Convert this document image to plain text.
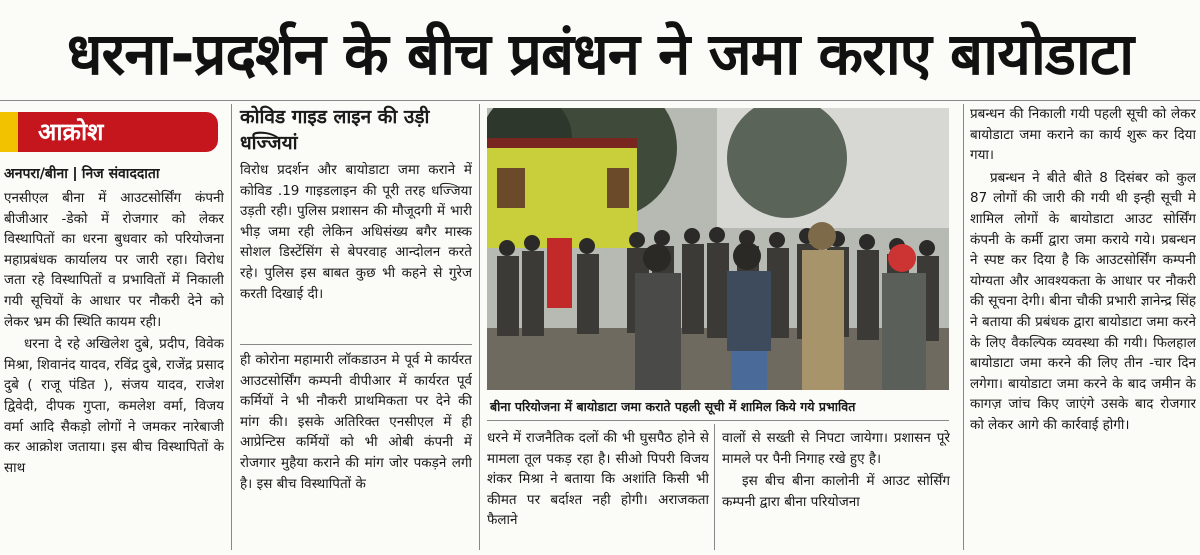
धरना-प्रदर्शन के बीच प्रबंधन ने जमा कराए बायोडाटा
आक्रोश
अनपरा/बीना निज संवाददाता

एनसीएल बीना में आउटसोर्सिंग कंपनी बीजीआर -डेको में रोजगार को लेकर विस्थापितों का धरना बुधवार को परियोजना महाप्रबंधक कार्यालय पर जारी रहा। विरोध जता रहे विस्थापितों व प्रभावितों में निकाली गयी सूचियों के आधार पर नौकरी देने को लेकर भ्रम की स्थिति कायम रही।

धरना दे रहे अखिलेश दुबे, प्रदीप, विवेक मिश्रा, शिवानंद यादव, रविंद्र दुबे, राजेंद्र प्रसाद दुबे ( राजू पंडित ), संजय यादव, राजेश द्विवेदी, दीपक गुप्ता, कमलेश वर्मा, विजय वर्मा आदि सैकड़ो लोगों ने जमकर नारेबाजी कर आक्रोश जताया। इस बीच विस्थापितों के साथ

कोविड गाइड लाइन की उड़ी धज्जियां

विरोध प्रदर्शन और बायोडाटा जमा कराने में कोविड .19 गाइडलाइन की पूरी तरह धज्जिया उड़ती रही। पुलिस प्रशासन की मौजूदगी में भारी भीड़ जमा रही लेकिन अधिसंख्य बगैर मास्क सोशल डिस्टेंसिंग से बेपरवाह आन्दोलन करते रहे। पुलिस इस बाबत कुछ भी कहने से गुरेज करती दिखाई दी।

ही कोरोना महामारी लॉकडाउन मे पूर्व मे कार्यरत आउटसोर्सिंग कम्पनी वीपीआर में कार्यरत पूर्व कर्मियों ने भी नौकरी प्राथमिकता पर देने की मांग की। इसके अतिरिक्त एनसीएल में ही आप्रेन्टिस कर्मियों को भी ओबी कंपनी में रोजगार मुहैया कराने की मांग जोर पकड़ने लगी है। इस बीच विस्थापितों के

बीना परियोजना में बायोडाटा जमा कराते पहली सूची में शामिल किये गये प्रभावित

धरने में राजनैतिक दलों की भी घुसपैठ होने से मामला तूल पकड़ रहा है। सीओ पिपरी विजय शंकर मिश्रा ने बताया कि अशांति किसी भी कीमत पर बर्दाश्त नही होगी। अराजकता फैलाने

वालों से सख्ती से निपटा जायेगा। प्रशासन पूरे मामले पर पैनी निगाह रखे हुए है।

इस बीच बीना कालोनी में आउट सोर्सिंग कम्पनी द्वारा बीना परियोजना

प्रबन्धन की निकाली गयी पहली सूची को लेकर बायोडाटा जमा कराने का कार्य शुरू कर दिया गया।

प्रबन्धन ने बीते बीते 8 दिसंबर को कुल 87 लोगों की जारी की गयी थी इन्ही सूची मे शामिल लोगों के बायोडाटा आउट सोर्सिंग कंपनी के कर्मी द्वारा जमा कराये गये। प्रबन्धन ने स्पष्ट कर दिया है कि आउटसोर्सिंग कम्पनी योग्यता और आवश्यकता के आधार पर नौकरी की सूचना देगी। बीना चौकी प्रभारी ज्ञानेन्द्र सिंह ने बताया की प्रबंधक द्वारा बायोडाटा जमा करने के लिए वैकल्पिक व्यवस्था की गयी। फिलहाल बायोडाटा जमा करने की लिए तीन -चार दिन लगेगा। बायोडाटा जमा करने के बाद जमीन के कागज़ जांच किए जाएंगे उसके बाद रोजगार को लेकर आगे की कार्रवाई होगी।
